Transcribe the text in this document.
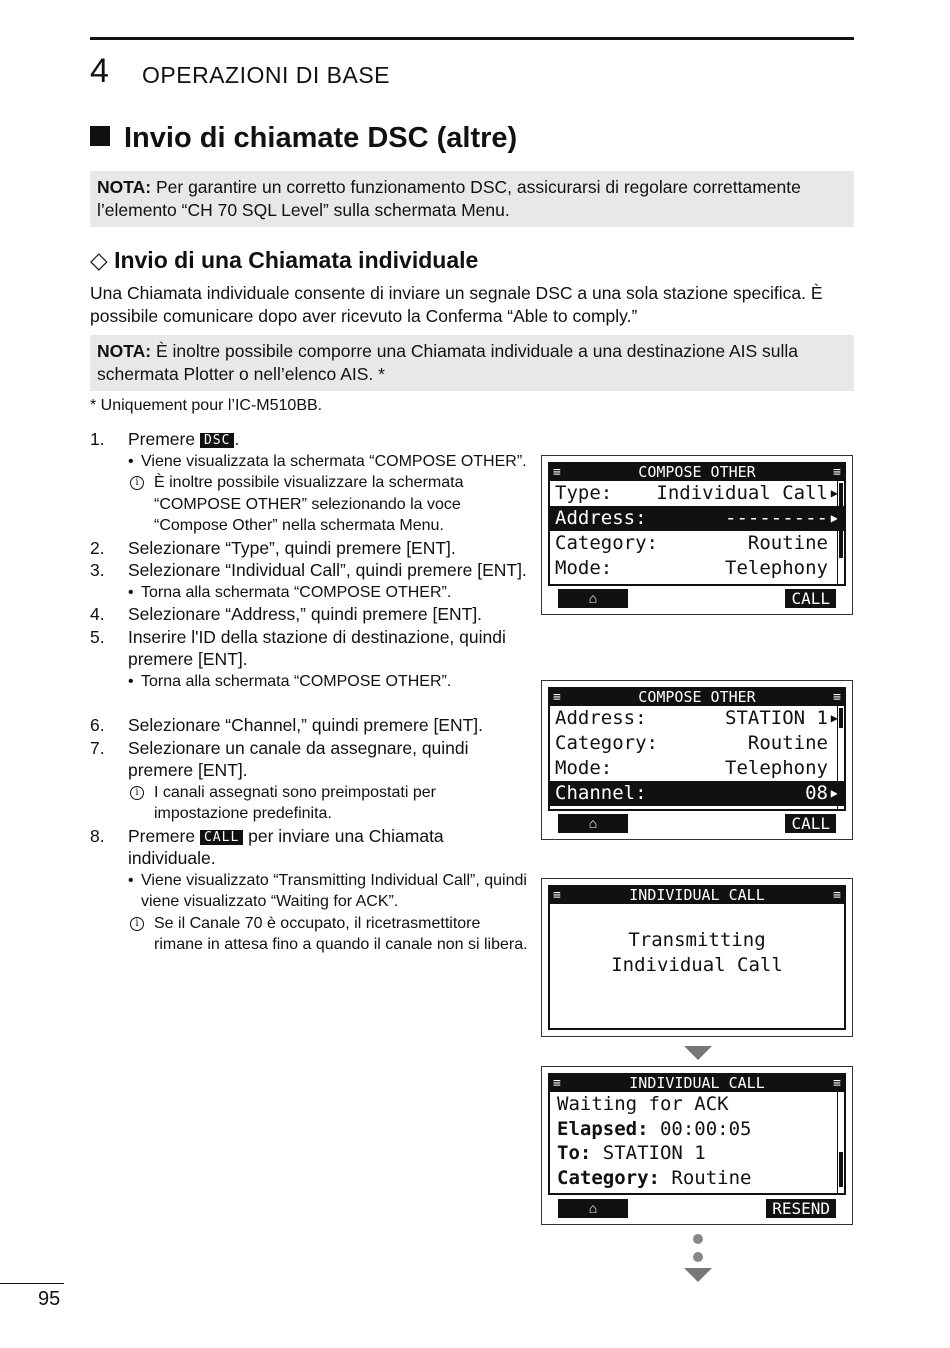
4 OPERAZIONI DI BASE
Invio di chiamate DSC (altre)
NOTA: Per garantire un corretto funzionamento DSC, assicurarsi di regolare correttamente l’elemento “CH 70 SQL Level” sulla schermata Menu.
◇ Invio di una Chiamata individuale
Una Chiamata individuale consente di inviare un segnale DSC a una sola stazione specifica. È possibile comunicare dopo aver ricevuto la Conferma “Able to comply.”
NOTA: È inoltre possibile comporre una Chiamata individuale a una destinazione AIS sulla schermata Plotter o nell’elenco AIS. *
* Uniquement pour l’IC-M510BB.
1. Premere DSC .
• Viene visualizzata la schermata “COMPOSE OTHER”.
i È inoltre possibile visualizzare la schermata “COMPOSE OTHER” selezionando la voce “Compose Other” nella schermata Menu.
2. Selezionare “Type”, quindi premere [ENT].
3. Selezionare “Individual Call”, quindi premere [ENT].
• Torna alla schermata “COMPOSE OTHER”.
4. Selezionare “Address,” quindi premere [ENT].
5. Inserire l'ID della stazione di destinazione, quindi premere [ENT].
• Torna alla schermata “COMPOSE OTHER”.
6. Selezionare “Channel,” quindi premere [ENT].
7. Selezionare un canale da assegnare, quindi premere [ENT].
i I canali assegnati sono preimpostati per impostazione predefinita.
8. Premere CALL per inviare una Chiamata individuale.
• Viene visualizzato “Transmitting Individual Call”, quindi viene visualizzato “Waiting for ACK”.
i Se il Canale 70 è occupato, il ricetrasmettitore rimane in attesa fino a quando il canale non si libera.
≡	COMPOSE OTHER	≡
Type: Individual Call ▶
Address:	--------- ▶
Category:	Routine
Mode:	Telephony
⌂	CALL
≡	COMPOSE OTHER	≡
Address:	STATION 1 ▶
Category:	Routine
Mode:	Telephony
Channel:	08 ▶
⌂	CALL
≡	INDIVIDUAL CALL	≡
Transmitting
Individual Call
≡	INDIVIDUAL CALL	≡
Waiting for ACK
Elapsed: 00:00:05
To: STATION 1
Category: Routine
⌂	RESEND
95
